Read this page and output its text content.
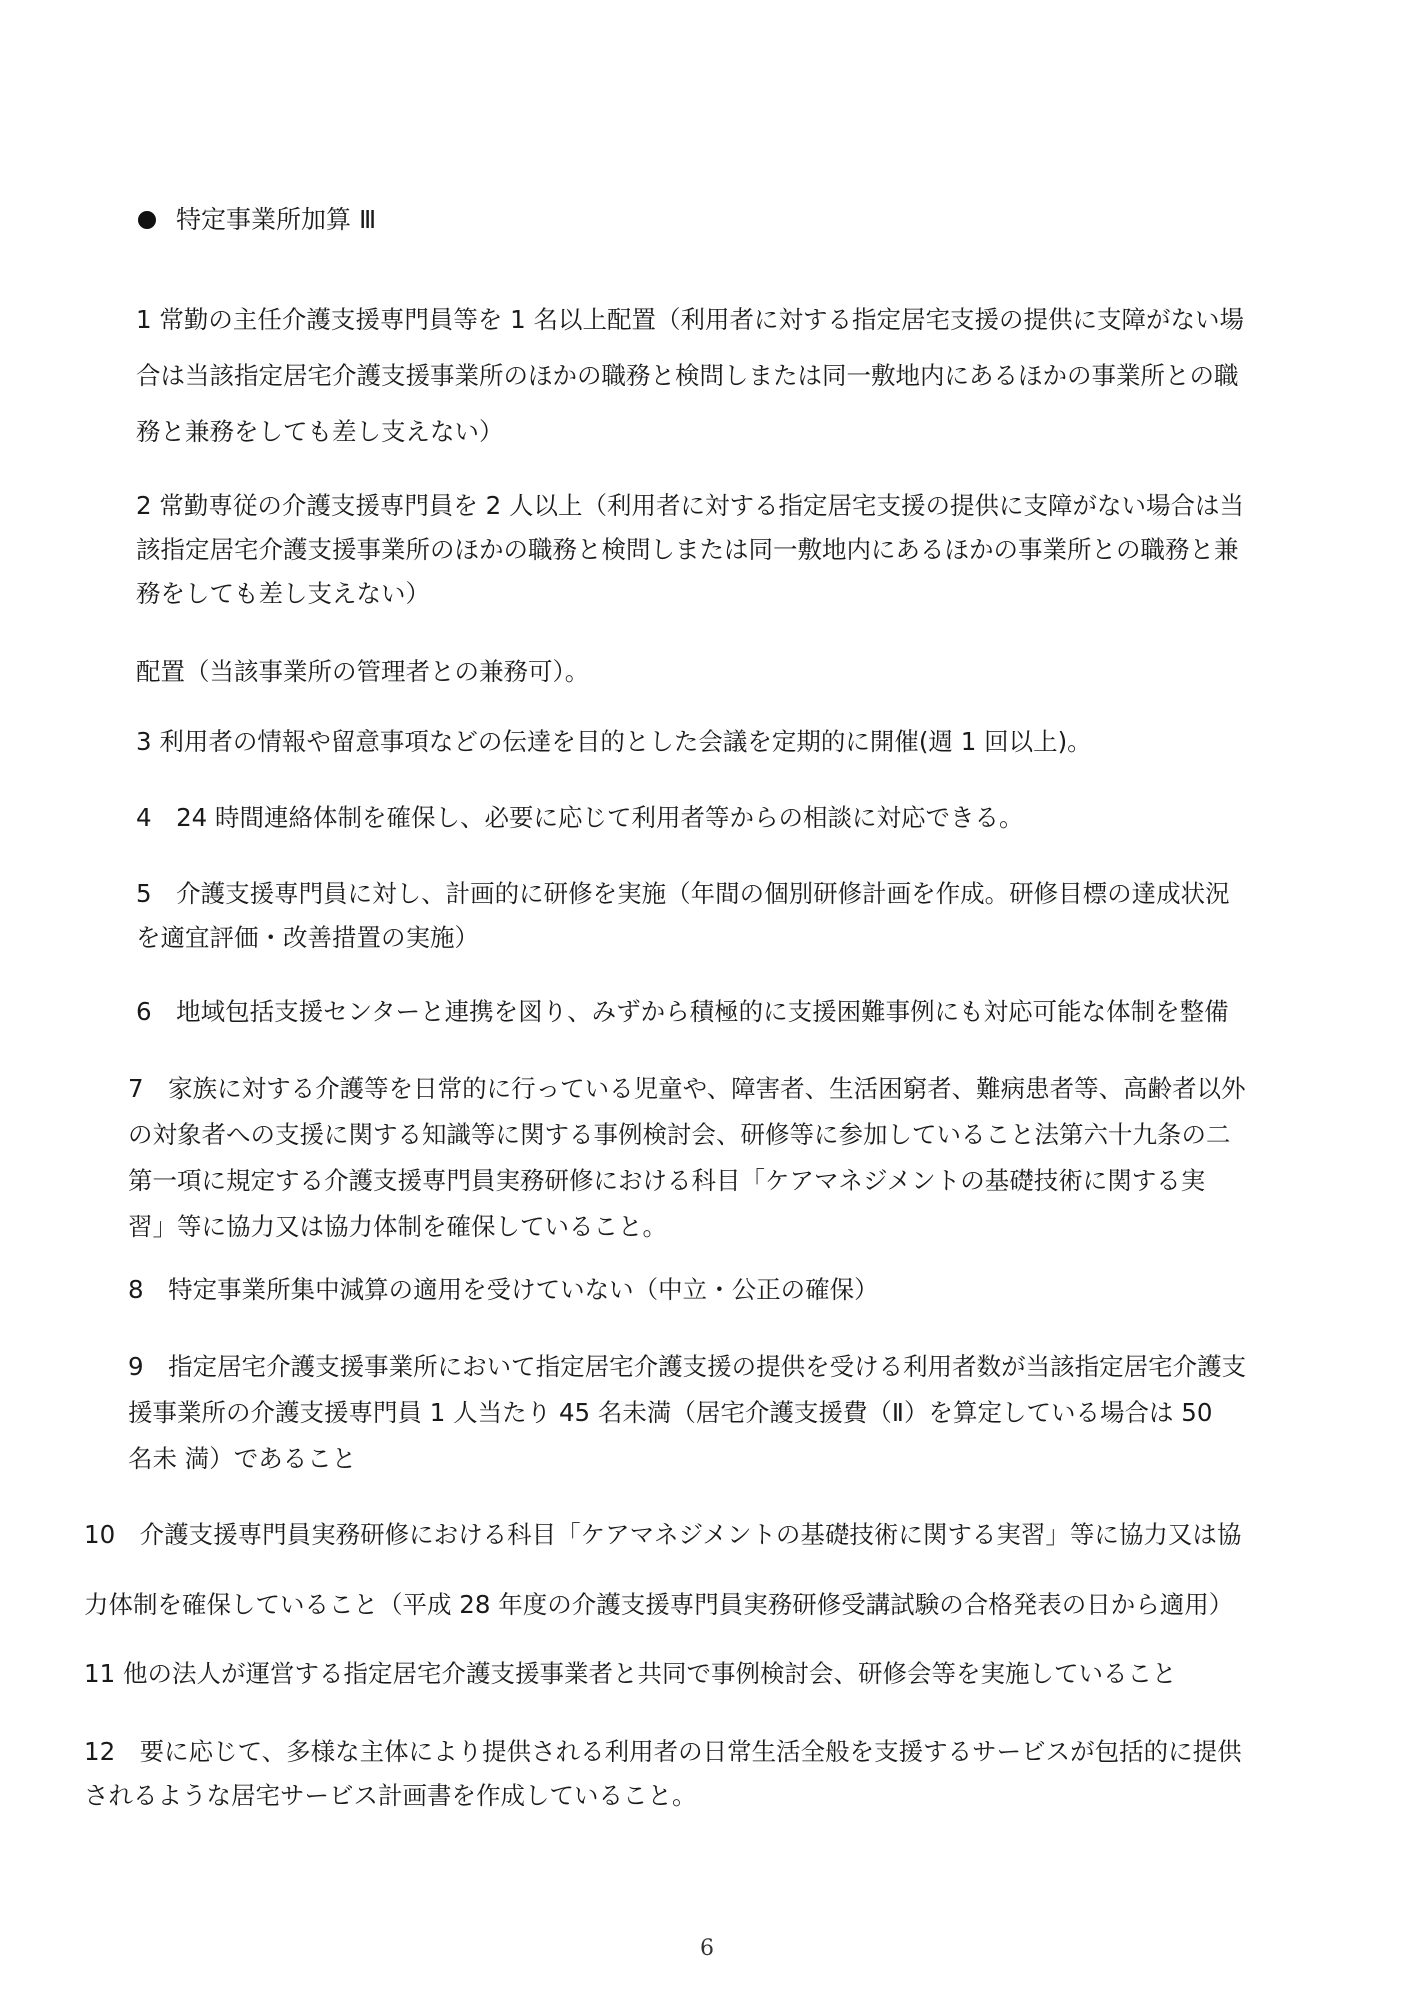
特定事業所加算 Ⅲ
1 常勤の主任介護支援専門員等を 1 名以上配置（利用者に対する指定居宅支援の提供に支障がない場
合は当該指定居宅介護支援事業所のほかの職務と検問しまたは同一敷地内にあるほかの事業所との職
務と兼務をしても差し支えない）
2 常勤専従の介護支援専門員を 2 人以上（利用者に対する指定居宅支援の提供に支障がない場合は当
該指定居宅介護支援事業所のほかの職務と検問しまたは同一敷地内にあるほかの事業所との職務と兼
務をしても差し支えない）
配置（当該事業所の管理者との兼務可）。
3 利用者の情報や留意事項などの伝達を目的とした会議を定期的に開催(週 1 回以上)。
4　24 時間連絡体制を確保し、必要に応じて利用者等からの相談に対応できる。
5　介護支援専門員に対し、計画的に研修を実施（年間の個別研修計画を作成。研修目標の達成状況
を適宜評価・改善措置の実施）
6　地域包括支援センターと連携を図り、みずから積極的に支援困難事例にも対応可能な体制を整備
7　家族に対する介護等を日常的に行っている児童や、障害者、生活困窮者、難病患者等、高齢者以外
の対象者への支援に関する知識等に関する事例検討会、研修等に参加していること法第六十九条の二
第一項に規定する介護支援専門員実務研修における科目「ケアマネジメントの基礎技術に関する実
習」等に協力又は協力体制を確保していること。
8　特定事業所集中減算の適用を受けていない（中立・公正の確保）
9　指定居宅介護支援事業所において指定居宅介護支援の提供を受ける利用者数が当該指定居宅介護支
援事業所の介護支援専門員 1 人当たり 45 名未満（居宅介護支援費（Ⅱ）を算定している場合は 50
名未 満）であること
10　介護支援専門員実務研修における科目「ケアマネジメントの基礎技術に関する実習」等に協力又は協
力体制を確保していること（平成 28 年度の介護支援専門員実務研修受講試験の合格発表の日から適用）
11 他の法人が運営する指定居宅介護支援事業者と共同で事例検討会、研修会等を実施していること
12　要に応じて、多様な主体により提供される利用者の日常生活全般を支援するサービスが包括的に提供
されるような居宅サービス計画書を作成していること。
6
